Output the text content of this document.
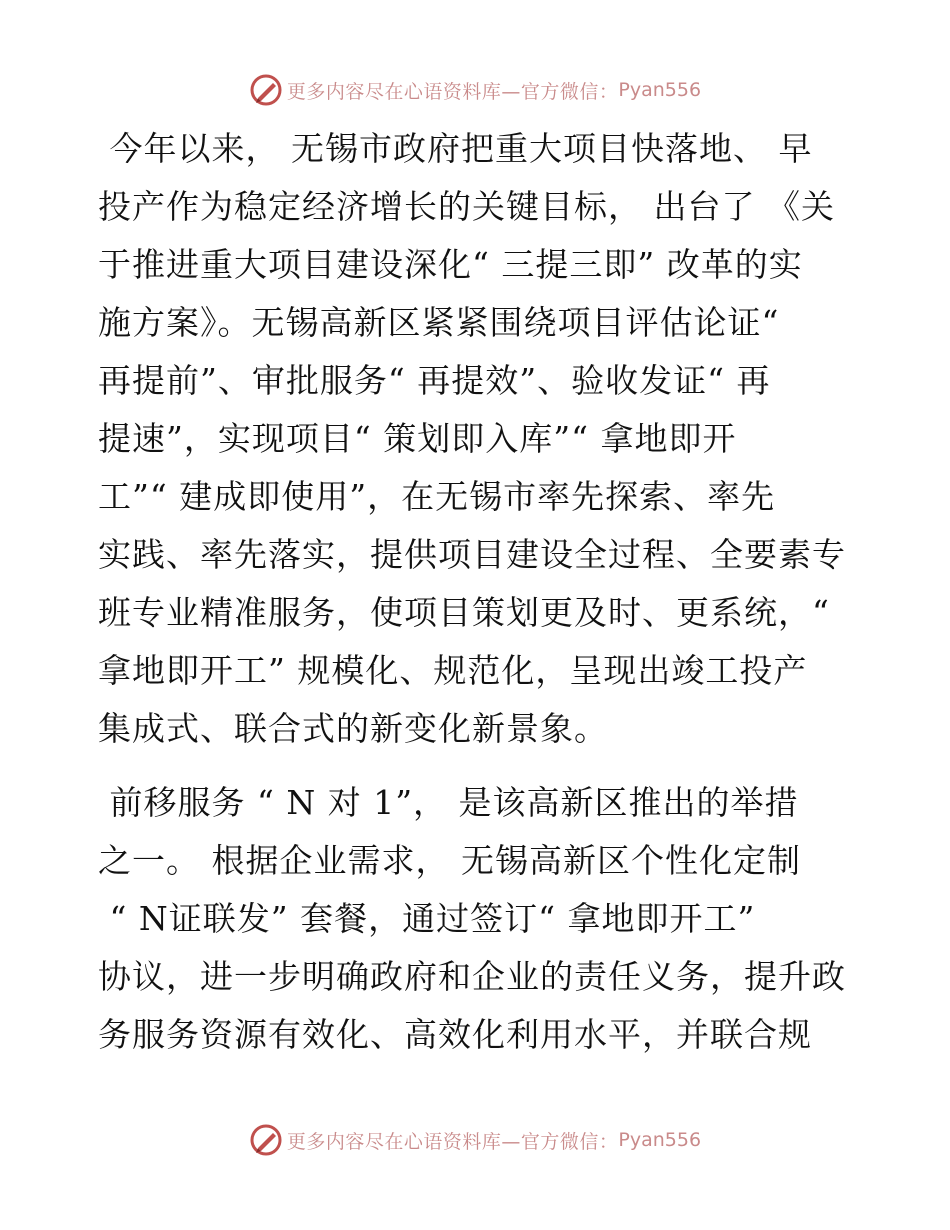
更多内容尽在心语资料库—官方微信： Pyan556

今年以来， 无锡市政府把重大项目快落地、 早
投产作为稳定经济增长的关键目标， 出台了 《关
于推进重大项目建设深化“ 三提三即” 改革的实
施方案》。无锡高新区紧紧围绕项目评估论证“
再提前”、审批服务“ 再提效”、验收发证“ 再
提速”，实现项目“ 策划即入库”“ 拿地即开
工”“ 建成即使用”，在无锡市率先探索、率先
实践、率先落实，提供项目建设全过程、全要素专
班专业精准服务，使项目策划更及时、更系统，“
拿地即开工” 规模化、规范化，呈现出竣工投产
集成式、联合式的新变化新景象。

前移服务 “ N 对 1”， 是该高新区推出的举措
之一。 根据企业需求， 无锡高新区个性化定制
“ N证联发” 套餐，通过签订“ 拿地即开工”
协议，进一步明确政府和企业的责任义务，提升政
务服务资源有效化、高效化利用水平，并联合规

更多内容尽在心语资料库—官方微信： Pyan556
